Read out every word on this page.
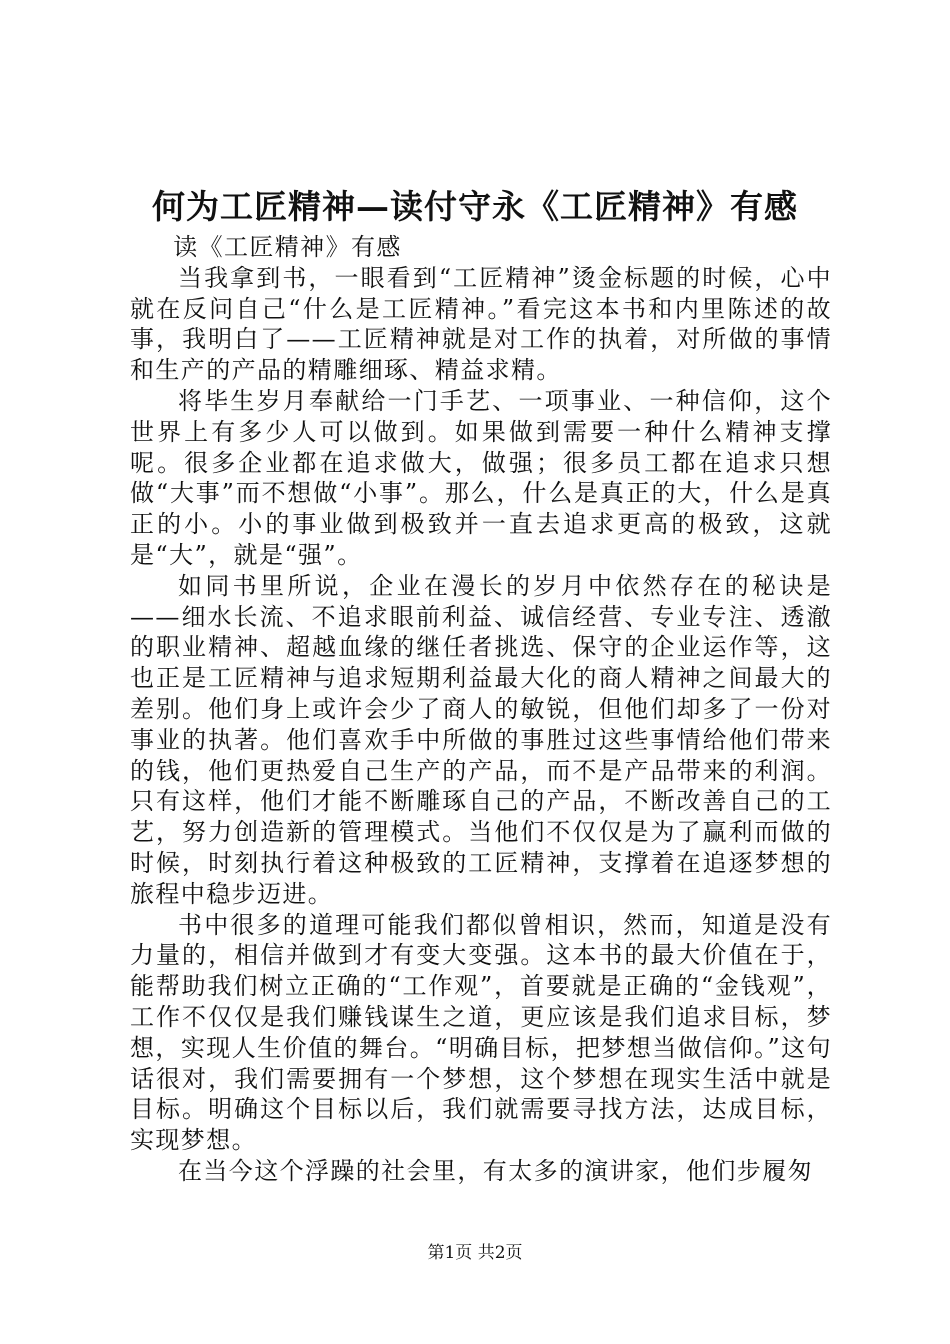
何为工匠精神—读付守永《工匠精神》有感

读《工匠精神》有感

当我拿到书，一眼看到“工匠精神”烫金标题的时候，心中就在反问自己“什么是工匠精神。”看完这本书和内里陈述的故事，我明白了——工匠精神就是对工作的执着，对所做的事情和生产的产品的精雕细琢、精益求精。

将毕生岁月奉献给一门手艺、一项事业、一种信仰，这个世界上有多少人可以做到。如果做到需要一种什么精神支撑呢。很多企业都在追求做大，做强；很多员工都在追求只想做“大事”而不想做“小事”。那么，什么是真正的大，什么是真正的小。小的事业做到极致并一直去追求更高的极致，这就是“大”，就是“强”。

如同书里所说，企业在漫长的岁月中依然存在的秘诀是——细水长流、不追求眼前利益、诚信经营、专业专注、透澈的职业精神、超越血缘的继任者挑选、保守的企业运作等，这也正是工匠精神与追求短期利益最大化的商人精神之间最大的差别。他们身上或许会少了商人的敏锐，但他们却多了一份对事业的执著。他们喜欢手中所做的事胜过这些事情给他们带来的钱，他们更热爱自己生产的产品，而不是产品带来的利润。只有这样，他们才能不断雕琢自己的产品，不断改善自己的工艺，努力创造新的管理模式。当他们不仅仅是为了赢利而做的时候，时刻执行着这种极致的工匠精神，支撑着在追逐梦想的旅程中稳步迈进。

书中很多的道理可能我们都似曾相识，然而，知道是没有力量的，相信并做到才有变大变强。这本书的最大价值在于，能帮助我们树立正确的“工作观”，首要就是正确的“金钱观”，工作不仅仅是我们赚钱谋生之道，更应该是我们追求目标，梦想，实现人生价值的舞台。“明确目标，把梦想当做信仰。”这句话很对，我们需要拥有一个梦想，这个梦想在现实生活中就是目标。明确这个目标以后，我们就需要寻找方法，达成目标，实现梦想。

在当今这个浮躁的社会里，有太多的演讲家，他们步履匆

第1页 共2页
